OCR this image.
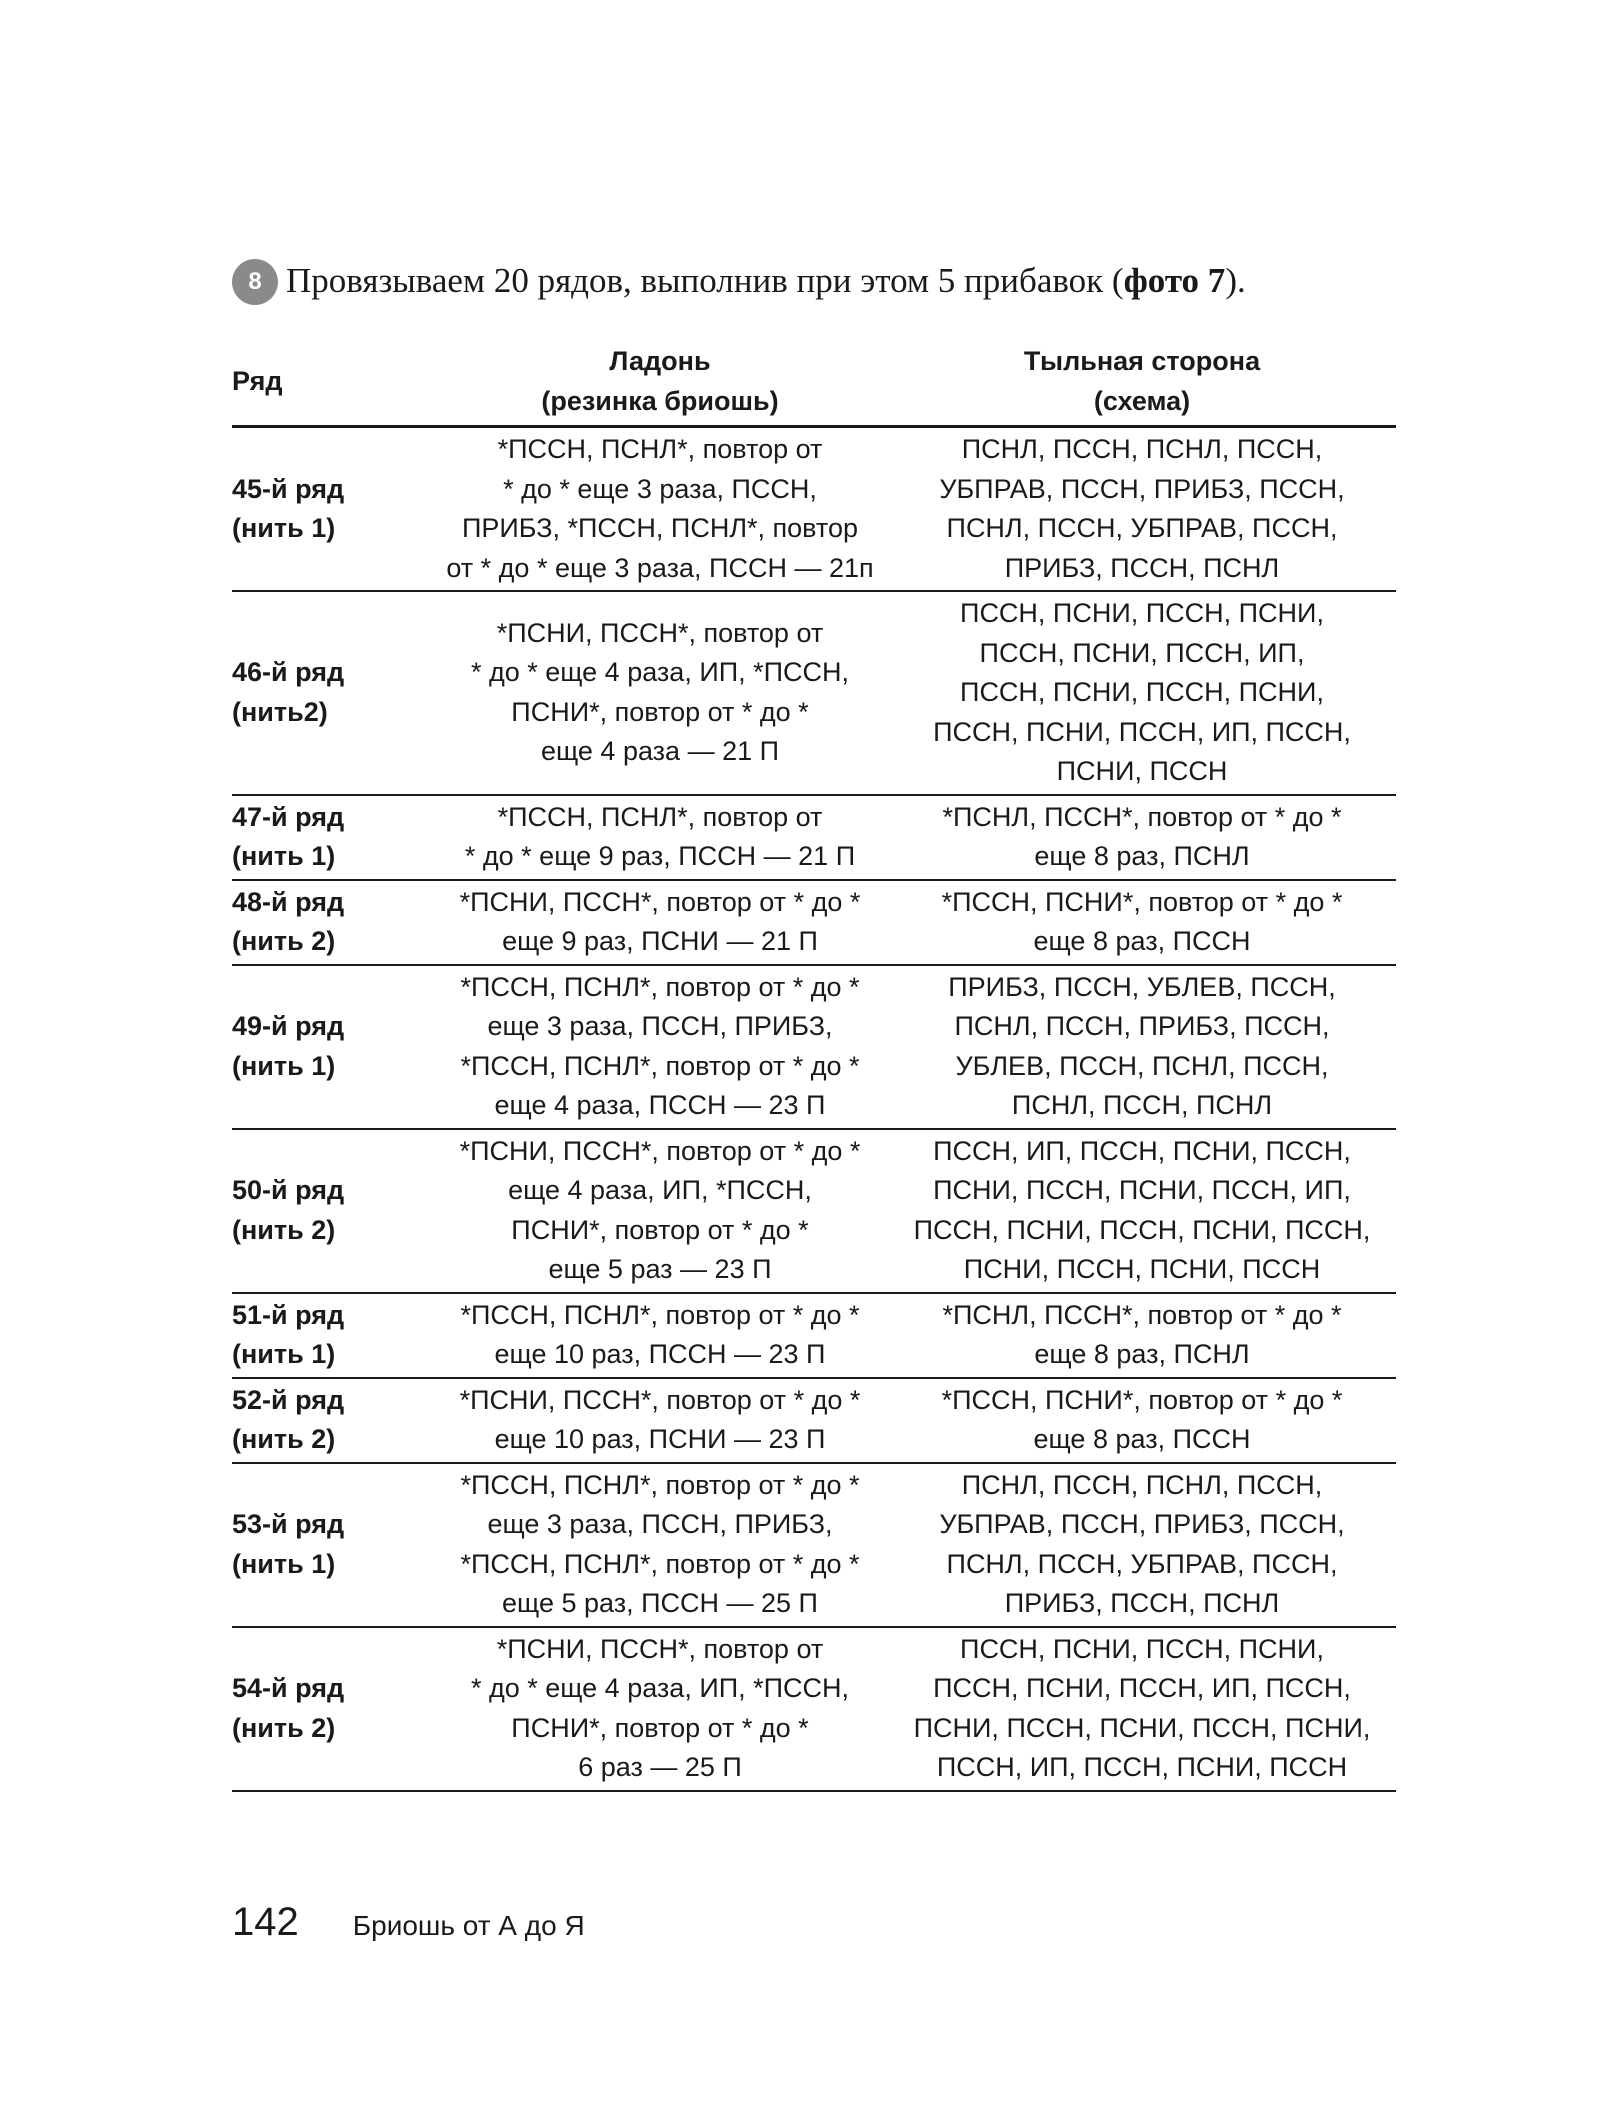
8 Провязываем 20 рядов, выполнив при этом 5 прибавок (фото 7).
Ряд
Ладонь
(резинка бриошь)
Тыльная сторона
(схема)
45-й ряд
(нить 1)
*ПССН, ПСНЛ*, повтор от
* до * еще 3 раза, ПССН,
ПРИБЗ, *ПССН, ПСНЛ*, повтор
от * до * еще 3 раза, ПССН — 21п
ПСНЛ, ПССН, ПСНЛ, ПССН,
УБПРАВ, ПССН, ПРИБЗ, ПССН,
ПСНЛ, ПССН, УБПРАВ, ПССН,
ПРИБЗ, ПССН, ПСНЛ
46-й ряд
(нить2)
*ПСНИ, ПССН*, повтор от
* до * еще 4 раза, ИП, *ПССН,
ПСНИ*, повтор от * до *
еще 4 раза — 21 П
ПССН, ПСНИ, ПССН, ПСНИ,
ПССН, ПСНИ, ПССН, ИП,
ПССН, ПСНИ, ПССН, ПСНИ,
ПССН, ПСНИ, ПССН, ИП, ПССН,
ПСНИ, ПССН
47-й ряд
(нить 1)
*ПССН, ПСНЛ*, повтор от
* до * еще 9 раз, ПССН — 21 П
*ПСНЛ, ПССН*, повтор от * до *
еще 8 раз, ПСНЛ
48-й ряд
(нить 2)
*ПСНИ, ПССН*, повтор от * до *
еще 9 раз, ПСНИ — 21 П
*ПССН, ПСНИ*, повтор от * до *
еще 8 раз, ПССН
49-й ряд
(нить 1)
*ПССН, ПСНЛ*, повтор от * до *
еще 3 раза, ПССН, ПРИБЗ,
*ПССН, ПСНЛ*, повтор от * до *
еще 4 раза, ПССН — 23 П
ПРИБЗ, ПССН, УБЛЕВ, ПССН,
ПСНЛ, ПССН, ПРИБЗ, ПССН,
УБЛЕВ, ПССН, ПСНЛ, ПССН,
ПСНЛ, ПССН, ПСНЛ
50-й ряд
(нить 2)
*ПСНИ, ПССН*, повтор от * до *
еще 4 раза, ИП, *ПССН,
ПСНИ*, повтор от * до *
еще 5 раз — 23 П
ПССН, ИП, ПССН, ПСНИ, ПССН,
ПСНИ, ПССН, ПСНИ, ПССН, ИП,
ПССН, ПСНИ, ПССН, ПСНИ, ПССН,
ПСНИ, ПССН, ПСНИ, ПССН
51-й ряд
(нить 1)
*ПССН, ПСНЛ*, повтор от * до *
еще 10 раз, ПССН — 23 П
*ПСНЛ, ПССН*, повтор от * до *
еще 8 раз, ПСНЛ
52-й ряд
(нить 2)
*ПСНИ, ПССН*, повтор от * до *
еще 10 раз, ПСНИ — 23 П
*ПССН, ПСНИ*, повтор от * до *
еще 8 раз, ПССН
53-й ряд
(нить 1)
*ПССН, ПСНЛ*, повтор от * до *
еще 3 раза, ПССН, ПРИБЗ,
*ПССН, ПСНЛ*, повтор от * до *
еще 5 раз, ПССН — 25 П
ПСНЛ, ПССН, ПСНЛ, ПССН,
УБПРАВ, ПССН, ПРИБЗ, ПССН,
ПСНЛ, ПССН, УБПРАВ, ПССН,
ПРИБЗ, ПССН, ПСНЛ
54-й ряд
(нить 2)
*ПСНИ, ПССН*, повтор от
* до * еще 4 раза, ИП, *ПССН,
ПСНИ*, повтор от * до *
6 раз — 25 П
ПССН, ПСНИ, ПССН, ПСНИ,
ПССН, ПСНИ, ПССН, ИП, ПССН,
ПСНИ, ПССН, ПСНИ, ПССН, ПСНИ,
ПССН, ИП, ПССН, ПСНИ, ПССН
142 Бриошь от А до Я
